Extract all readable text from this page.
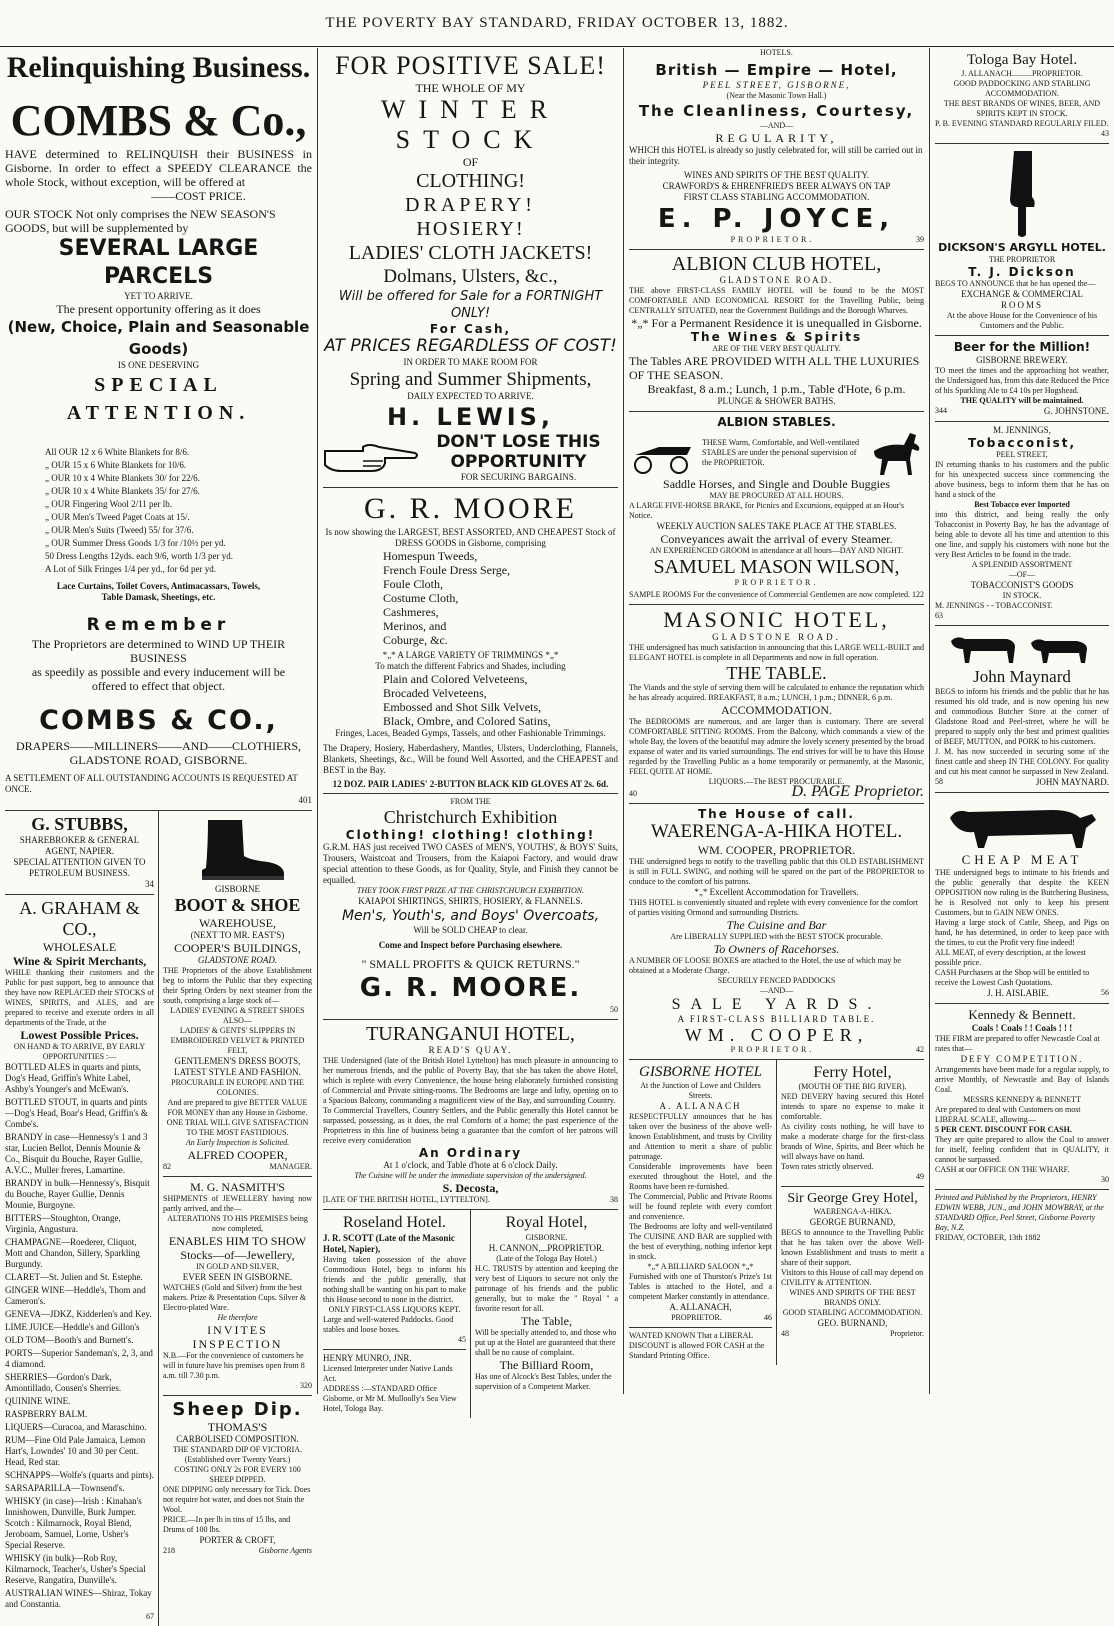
THE POVERTY BAY STANDARD, FRIDAY OCTOBER 13, 1882.
Relinquishing Business.
COMBS & Co.,
HAVE determined to RELINQUISH their BUSINESS in Gisborne. In order to effect a SPEEDY CLEARANCE the whole Stock, without exception, will be offered at
——COST PRICE.
OUR STOCK Not only comprises the NEW SEASON'S GOODS, but will be supplemented by
SEVERAL LARGE PARCELS
YET TO ARRIVE.
The present opportunity offering as it does
(New, Choice, Plain and Seasonable Goods)
IS ONE DESERVING
SPECIAL ATTENTION.
All OUR 12 x 6 White Blankets for 8/6.
„ OUR 15 x 6 White Blankets for 10/6.
„ OUR 10 x 4 White Blankets 30/ for 22/6.
„ OUR 10 x 4 White Blankets 35/ for 27/6.
„ OUR Fingering Wool 2/11 per lb.
„ OUR Men's Tweed Paget Coats at 15/.
„ OUR Men's Suits (Tweed) 55/ for 37/6.
„ OUR Summer Dress Goods 1/3 for /10½ per yd.
50 Dress Lengths 12yds. each 9/6, worth 1/3 per yd.
A Lot of Silk Fringes 1/4 per yd., for 6d per yd.
Lace Curtains, Toilet Covers, Antimacassars, Towels,
Table Damask, Sheetings, etc.
Remember
The Proprietors are determined to WIND UP THEIR BUSINESS
as speedily as possible and every inducement will be
offered to effect that object.
COMBS & CO.,
DRAPERS——MILLINERS——AND——CLOTHIERS,
GLADSTONE ROAD, GISBORNE.
A SETTLEMENT OF ALL OUTSTANDING ACCOUNTS IS REQUESTED AT ONCE.
401
G. STUBBS,
SHAREBROKER & GENERAL AGENT, NAPIER.
SPECIAL ATTENTION GIVEN TO PETROLEUM BUSINESS.
34
A. GRAHAM & CO.,
WHOLESALE
Wine & Spirit Merchants,
WHILE thanking their customers and the Public for past support, beg to announce that they have now REPLACED their STOCKS of WINES, SPIRITS, and ALES, and are prepared to receive and execute orders in all departments of the Trade, at the
Lowest Possible Prices.
ON HAND & TO ARRIVE, BY EARLY OPPORTUNITIES :—
BOTTLED ALES in quarts and pints, Dog's Head, Griffin's White Label, Ashby's Younger's and McEwan's.
BOTTLED STOUT, in quarts and pints—Dog's Head, Boar's Head, Griffin's & Combe's.
BRANDY in case—Hennessy's 1 and 3 star, Lucien Bellot, Dennis Mounie & Co., Bisquit du Bouche, Rayer Gullie, A.V.C., Muller freres, Lamartine.
BRANDY in bulk—Hennessy's, Bisquit du Bouche, Rayer Gullie, Dennis Mounie, Burgoyne.
BITTERS—Stoughton, Orange, Virginia, Angustura.
CHAMPAGNE—Roederer, Cliquot, Mott and Chandon, Sillery, Sparkling Burgundy.
CLARET—St. Julien and St. Estephe.
GINGER WINE—Heddle's, Thom and Cameron's.
GENEVA—JDKZ, Kidderlen's and Key.
LIME JUICE—Heddle's and Gillon's
OLD TOM—Booth's and Burnett's.
PORTS—Superior Sandeman's, 2, 3, and 4 diamond.
SHERRIES—Gordon's Dark, Amontillado, Cousen's Sherries.
QUININE WINE.
RASPBERRY BALM.
LIQUERS—Curacoa, and Maraschino.
RUM—Fine Old Pale Jamaica, Lemon Hart's, Lowndes' 10 and 30 per Cent. Head, Red star.
SCHNAPPS—Wolfe's (quarts and pints).
SARSAPARILLA—Townsend's.
WHISKY (in case)—Irish : Kinahan's Innishowen, Dunville, Burk Jumper. Scotch : Kilmarnock, Royal Blend, Jeroboam, Samuel, Lorne, Usher's Special Reserve.
WHISKY (in bulk)—Rob Roy, Kilmarnock, Teacher's, Usher's Special Reserve, Rangatira, Dunville's.
AUSTRALIAN WINES—Shiraz, Tokay and Constantia.
67
GISBORNE
BOOT & SHOE
WAREHOUSE,
(NEXT TO MR. EAST'S)
COOPER'S BUILDINGS,
GLADSTONE ROAD.
THE Proprietors of the above Establishment beg to inform the Public that they expecting their Spring Orders by next steamer from the south, comprising a large stock of—
LADIES' EVENING & STREET SHOES
ALSO—
LADIES' & GENTS' SLIPPERS IN EMBROIDERED VELVET & PRINTED FELT,
GENTLEMEN'S DRESS BOOTS, LATEST STYLE AND FASHION.
PROCURABLE IN EUROPE AND THE COLONIES.
And are prepared to give BETTER VALUE FOR MONEY than any House in Gisborne.
ONE TRIAL WILL GIVE SATISFACTION TO THE MOST FASTIDIOUS.
An Early Inspection is Solicited.
ALFRED COOPER,
82	MANAGER.
M. G. NASMITH'S
SHIPMENTS of JEWELLERY having now partly arrived, and the—
ALTERATIONS TO HIS PREMISES being now completed,
ENABLES HIM TO SHOW
Stocks—of—Jewellery,
IN GOLD AND SILVER,
EVER SEEN IN GISBORNE.
WATCHES (Gold and Silver) from the best makers. Prize & Presentation Cups. Silver & Electro-plated Ware.
He therefore
INVITES INSPECTION
N.B.—For the convenience of customers he will in future have his premises open from 8 a.m. till 7.30 p.m.
320
Sheep Dip.
THOMAS'S
CARBOLISED COMPOSITION.
THE STANDARD DIP OF VICTORIA.
(Established over Twenty Years.)
COSTING ONLY 2s FOR EVERY 100 SHEEP DIPPED.
ONE DIPPING only necessary for Tick. Does not require hot water, and does not Stain the Wool.
PRICE.—In per lb in tins of 15 lbs, and Drums of 100 lbs.
PORTER & CROFT,
218	Gisborne Agents
FOR POSITIVE SALE!
THE WHOLE OF MY
WINTER STOCK
OF
CLOTHING!
DRAPERY!
HOSIERY!
LADIES' CLOTH JACKETS!
Dolmans, Ulsters, &c.,
Will be offered for Sale for a FORTNIGHT ONLY!
For Cash,
AT PRICES REGARDLESS OF COST!
IN ORDER TO MAKE ROOM FOR
Spring and Summer Shipments,
DAILY EXPECTED TO ARRIVE.
H. LEWIS,
DON'T LOSE THIS OPPORTUNITY
FOR SECURING BARGAINS.
G. R. MOORE
Is now showing the LARGEST, BEST ASSORTED, AND CHEAPEST Stock of DRESS GOODS in Gisborne, comprising
Homespun Tweeds,
French Foule Dress Serge,
Foule Cloth,
Costume Cloth,
Cashmeres,
Merinos, and
Coburge, &c.
*„* A LARGE VARIETY OF TRIMMINGS *„*
To match the different Fabrics and Shades, including
Plain and Colored Velveteens,
Brocaded Velveteens,
Embossed and Shot Silk Velvets,
Black, Ombre, and Colored Satins,
Fringes, Laces, Beaded Gymps, Tassels, and other Fashionable Trimmings.
The Drapery, Hosiery, Haberdashery, Mantles, Ulsters, Underclothing, Flannels, Blankets, Sheetings, &c., Will be found Well Assorted, and the CHEAPEST and BEST in the Bay.
12 DOZ. PAIR LADIES' 2-BUTTON BLACK KID GLOVES AT 2s. 6d.
FROM THE
Christchurch Exhibition
Clothing! clothing! clothing!
G.R.M. HAS just received TWO CASES of MEN'S, YOUTHS', & BOYS' Suits, Trousers, Waistcoat and Trousers, from the Kaiapoi Factory, and would draw special attention to these Goods, as for Quality, Style, and Finish they cannot be equalled.
THEY TOOK FIRST PRIZE AT THE CHRISTCHURCH EXHIBITION.
KAIAPOI SHIRTINGS, SHIRTS, HOSIERY, & FLANNELS.
Men's, Youth's, and Boys' Overcoats,
Will be SOLD CHEAP to clear.
Come and Inspect before Purchasing elsewhere.
" SMALL PROFITS & QUICK RETURNS."
G. R. MOORE.
50
TURANGANUI HOTEL,
READ'S QUAY.
THE Undersigned (late of the British Hotel Lyttelton) has much pleasure in announcing to her numerous friends, and the public of Poverty Bay, that she has taken the above Hotel, which is replete with every Convenience, the house being elaborately furnished consisting of Commercial and Private sitting-rooms. The Bedrooms are large and lofty, opening on to a Spacious Balcony, commanding a magnificent view of the Bay, and surrounding Country.
To Commercial Travellers, Country Settlers, and the Public generally this Hotel cannot be surpassed, possessing, as it does, the real Comforts of a home; the past experience of the Proprietress in this line of business being a guarantee that the comfort of her patrons will receive every consideration
An Ordinary
At 1 o'clock, and Table d'hote at 6 o'clock Daily.
The Cuisine will be under the immediate supervision of the undersigned.
S. Decosta,
[LATE OF THE BRITISH HOTEL, LYTTELTON].	38
Roseland Hotel.
J. R. SCOTT (Late of the Masonic Hotel, Napier),
Having taken possession of the above Commodious Hotel, begs to inform his friends and the public generally, that nothing shall be wanting on his part to make this House second to none in the district.
ONLY FIRST-CLASS LIQUORS KEPT.
Large and well-watered Paddocks. Good stables and loose boxes.
45
HENRY MUNRO, JNR.
Licensed Interpreter under Native Lands Act.
ADDRESS :—STANDARD Office Gisborne, or Mr M. Mulloolly's Sea View Hotel, Tologa Bay.
Royal Hotel,
GISBORNE.
H. CANNON,...PROPRIETOR.
(Late of the Tologa Bay Hotel.)
H.C. TRUSTS by attention and keeping the very best of Liquors to secure not only the patronage of his friends and the public generally, but to make the " Royal " a favorite resort for all.
The Table,
Will be specially attended to, and those who put up at the Hotel are guaranteed that there shall be no cause of complaint.
The Billiard Room,
Has one of Alcock's Best Tables, under the supervision of a Competent Marker.
HOTELS.
British — Empire — Hotel,
PEEL STREET, GISBORNE,
(Near the Masonic Town Hall.)
The Cleanliness, Courtesy,
—AND—
REGULARITY,
WHICH this HOTEL is already so justly celebrated for, will still be carried out in their integrity.
WINES AND SPIRITS OF THE BEST QUALITY.
CRAWFORD'S & EHRENFRIED'S BEER ALWAYS ON TAP
FIRST CLASS STABLING ACCOMMODATION.
E. P. JOYCE,
PROPRIETOR.	39
ALBION CLUB HOTEL,
GLADSTONE ROAD.
THE above FIRST-CLASS FAMILY HOTEL will be found to be the MOST COMFORTABLE AND ECONOMICAL RESORT for the Travelling Public, being CENTRALLY SITUATED, near the Government Buildings and the Borough Wharves.
*„* For a Permanent Residence it is unequalled in Gisborne.
The Wines & Spirits
ARE OF THE VERY BEST QUALITY.
The Tables ARE PROVIDED WITH ALL THE LUXURIES OF THE SEASON.
Breakfast, 8 a.m.; Lunch, 1 p.m., Table d'Hote, 6 p.m.
PLUNGE & SHOWER BATHS.
ALBION STABLES.
THESE Warm, Comfortable, and Well-ventilated STABLES are under the personal supervision of the PROPRIETOR.
Saddle Horses, and Single and Double Buggies
MAY BE PROCURED AT ALL HOURS.
A LARGE FIVE-HORSE BRAKE, for Picnics and Excursions, equipped at an Hour's Notice.
WEEKLY AUCTION SALES TAKE PLACE AT THE STABLES.
Conveyances await the arrival of every Steamer.
AN EXPERIENCED GROOM in attendance at all hours—DAY AND NIGHT.
SAMUEL MASON WILSON,
PROPRIETOR.
SAMPLE ROOMS For the convenience of Commercial Gentlemen are now completed. 122
MASONIC HOTEL,
GLADSTONE ROAD.
THE undersigned has much satisfaction in announcing that this LARGE WELL-BUILT and ELEGANT HOTEL is complete in all Departments and now in full operation.
THE TABLE.
The Viands and the style of serving them will be calculated to enhance the reputation which he has already acquired. BREAKFAST, 8 a.m.; LUNCH, 1 p.m.; DINNER, 6 p.m.
ACCOMMODATION.
The BEDROOMS are numerous, and are larger than is customary. There are several COMFORTABLE SITTING ROOMS. From the Balcony, which commands a view of the whole Bay, the lovers of the beautiful may admire the lovely scenery presented by the broad expanse of water and its varied surroundings. The end strives for will be to have this House regarded by the Travelling Public as a home temporarily or permanently, at the Masonic, FEEL QUITE AT HOME.
LIQUORS.—The BEST PROCURABLE.
40	D. PAGE Proprietor.
The House of call.
WAERENGA-A-HIKA HOTEL.
WM. COOPER, PROPRIETOR.
THE undersigned begs to notify to the travelling public that this OLD ESTABLISHMENT is still in FULL SWING, and nothing will be spared on the part of the PROPRIETOR to conduce to the comfort of his patrons.
*„* Excellent Accommodation for Travellers.
THIS HOTEL is conveniently situated and replete with every convenience for the comfort of parties visiting Ormond and surrounding Districts.
The Cuisine and Bar
Are LIBERALLY SUPPLIED with the BEST STOCK procurable.
To Owners of Racehorses.
A NUMBER OF LOOSE BOXES are attached to the Hotel, the use of which may be obtained at a Moderate Charge.
SECURELY FENCED PADDOCKS
—AND—
SALE YARDS.
A FIRST-CLASS BILLIARD TABLE.
WM. COOPER,
PROPRIETOR.	42
GISBORNE HOTEL
At the Junction of Lowe and Childers Streets.
A. ALLANACH
RESPECTFULLY announces that he has taken over the business of the above well-known Establishment, and trusts by Civility and Attention to merit a share of public patronage.
Considerable improvements have been executed throughout the Hotel, and the Rooms have been re-furnished.
The Commercial, Public and Private Rooms will be found replete with every comfort and convenience.
The Bedrooms are lofty and well-ventilated The CUISINE AND BAR are supplied with the best of everything, nothing inferior kept in stock.
*„* A BILLIARD SALOON *„*
Furnished with one of Thurston's Prize's 1st Tables is attached to the Hotel, and a competent Marker constantly in attendance.
A. ALLANACH,
PROPRIETOR.	46
WANTED KNOWN That a LIBERAL DISCOUNT is allowed FOR CASH at the Standard Printing Office.
Ferry Hotel,
(MOUTH OF THE BIG RIVER).
NED DEVERY having secured this Hotel intends to spare no expense to make it comfortable.
As civility costs nothing, he will have to make a moderate charge for the first-class brands of Wine, Spirits, and Beer which he will always have on hand.
Town rates strictly observed.
49
Sir George Grey Hotel,
WAERENGA-A-HIKA.
GEORGE BURNAND,
BEGS to announce to the Travelling Public that he has taken over the above Well-known Establishment and trusts to merit a share of their support.
Visitors to this House of call may depend on CIVILITY & ATTENTION.
WINES AND SPIRITS OF THE BEST BRANDS ONLY.
GOOD STABLING ACCOMMODATION.
GEO. BURNAND,
48	Proprietor.
Tologa Bay Hotel.
J. ALLANACH..........PROPRIETOR.
GOOD PADDOCKING AND STABLING ACCOMMODATION.
THE BEST BRANDS OF WINES, BEER, AND SPIRITS KEPT IN STOCK.
P. B. EVENING STANDARD REGULARLY FILED.
43
DICKSON'S ARGYLL HOTEL.
THE PROPRIETOR
T. J. Dickson
BEGS TO ANNOUNCE that he has opened the—
EXCHANGE & COMMERCIAL
ROOMS
At the above House for the Convenience of his Customers and the Public.
Beer for the Million!
GISBORNE BREWERY.
TO meet the times and the approaching hot weather, the Undersigned has, from this date Reduced the Price of his Sparkling Ale to £4 10s per Hogshead.
THE QUALITY will be maintained.
344	G. JOHNSTONE.
M. JENNINGS,
Tobacconist,
PEEL STREET,
IN returning thanks to his customers and the public for his unexpected success since commencing the above business, begs to inform them that he has on hand a stock of the
Best Tobacco ever Imported
into this district, and being really the only Tobacconist in Poverty Bay, he has the advantage of being able to devote all his time and attention to this one line, and supply his customers with none but the very Best Articles to be found in the trade.
A SPLENDID ASSORTMENT
—OF—
TOBACCONIST'S GOODS
IN STOCK.
M. JENNINGS - - TOBACCONIST.
63
John Maynard
BEGS to inform his friends and the public that he has resumed his old trade, and is now opening his new and commodious Butcher Store at the corner of Gladstone Road and Peel-street, where he will be prepared to supply only the best and primest qualities of BEEF, MUTTON, and PORK to his customers.
J. M. has now succeeded in securing some of the finest cattle and sheep IN THE COLONY. For quality and cut his meat cannot be surpassed in New Zealand.
58	JOHN MAYNARD.
CHEAP MEAT
THE undersigned begs to intimate to his friends and the public generally that despite the KEEN OPPOSITION now ruling in the Butchering Business, he is Resolved not only to keep his present Customers, but to GAIN NEW ONES.
Having a large stock of Cattle, Sheep, and Pigs on hand, he has determined, in order to keep pace with the times, to cut the Profit very fine indeed!
ALL MEAT, of every description, at the lowest possible price.
CASH Purchasers at the Shop will be entitled to receive the Lowest Cash Quotations.
J. H. AISLABIE.	56
Kennedy & Bennett.
Coals ! Coals ! ! Coals ! ! !
THE FIRM are prepared to offer Newcastle Coal at rates that—
DEFY COMPETITION.
Arrangements have been made for a regular supply, to arrive Monthly, of Newcastle and Bay of Islands Coal.
MESSRS KENNEDY & BENNETT
Are prepared to deal with Customers on most LIBERAL SCALE, allowing—
5 PER CENT. DISCOUNT FOR CASH.
They are quite prepared to allow the Coal to answer for itself, feeling confident that in QUALITY, it cannot be surpassed.
CASH at our OFFICE ON THE WHARF.
30
Printed and Published by the Proprietors, HENRY EDWIN WEBB, JUN., and JOHN MOWBRAY, at the STANDARD Office, Peel Street, Gisborne Poverty Bay, N.Z.
FRIDAY, OCTOBER, 13th 1882
